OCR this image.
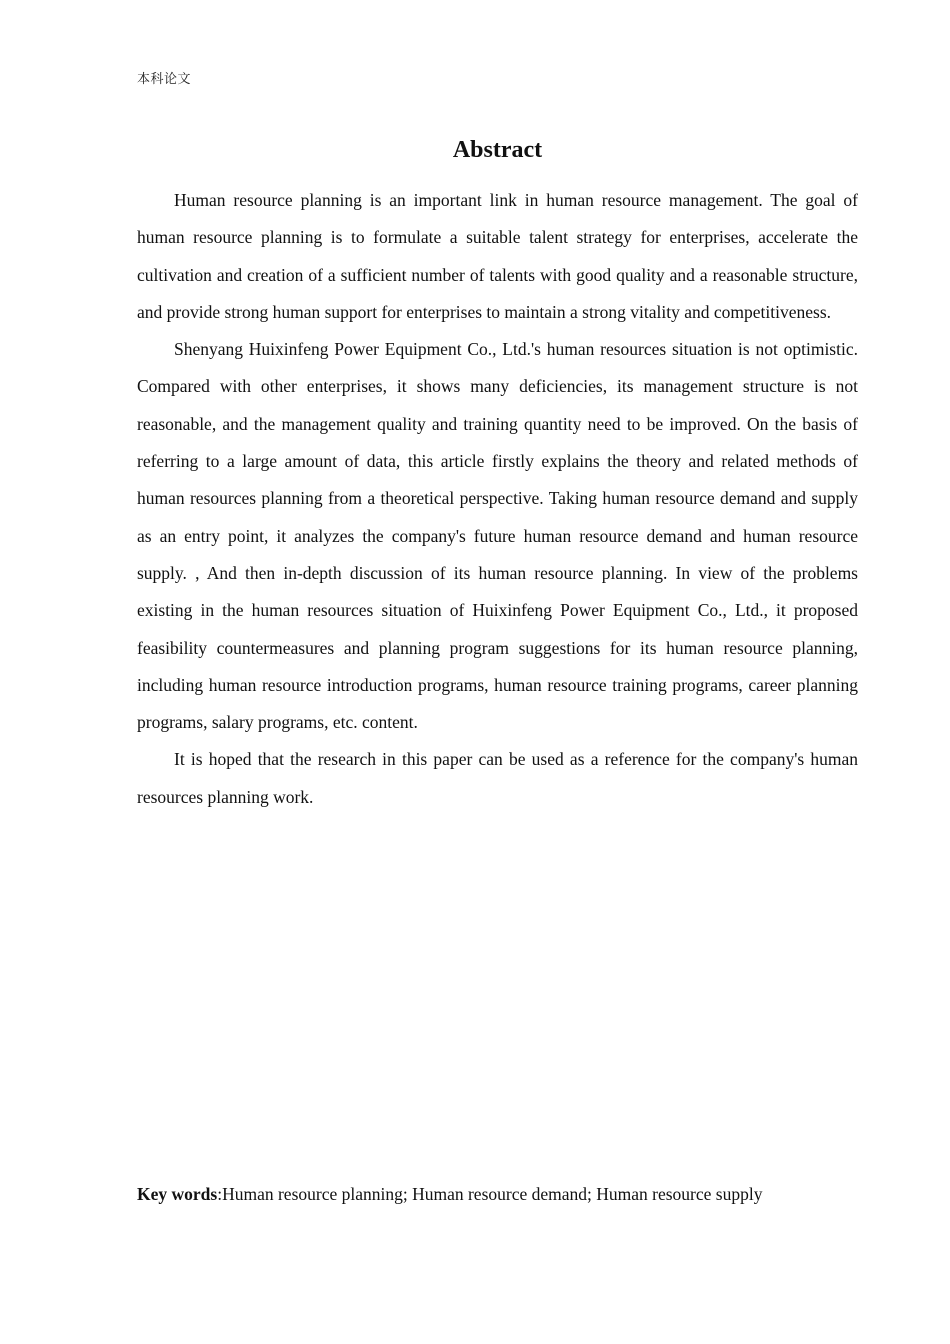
本科论文
Abstract

Human resource planning is an important link in human resource management. The goal of human resource planning is to formulate a suitable talent strategy for enterprises, accelerate the cultivation and creation of a sufficient number of talents with good quality and a reasonable structure, and provide strong human support for enterprises to maintain a strong vitality and competitiveness.

Shenyang Huixinfeng Power Equipment Co., Ltd.'s human resources situation is not optimistic. Compared with other enterprises, it shows many deficiencies, its management structure is not reasonable, and the management quality and training quantity need to be improved. On the basis of referring to a large amount of data, this article firstly explains the theory and related methods of human resources planning from a theoretical perspective. Taking human resource demand and supply as an entry point, it analyzes the company's future human resource demand and human resource supply. , And then in-depth discussion of its human resource planning. In view of the problems existing in the human resources situation of Huixinfeng Power Equipment Co., Ltd., it proposed feasibility countermeasures and planning program suggestions for its human resource planning, including human resource introduction programs, human resource training programs, career planning programs, salary programs, etc. content.

It is hoped that the research in this paper can be used as a reference for the company's human resources planning work.

Key words:Human resource planning; Human resource demand; Human resource supply
